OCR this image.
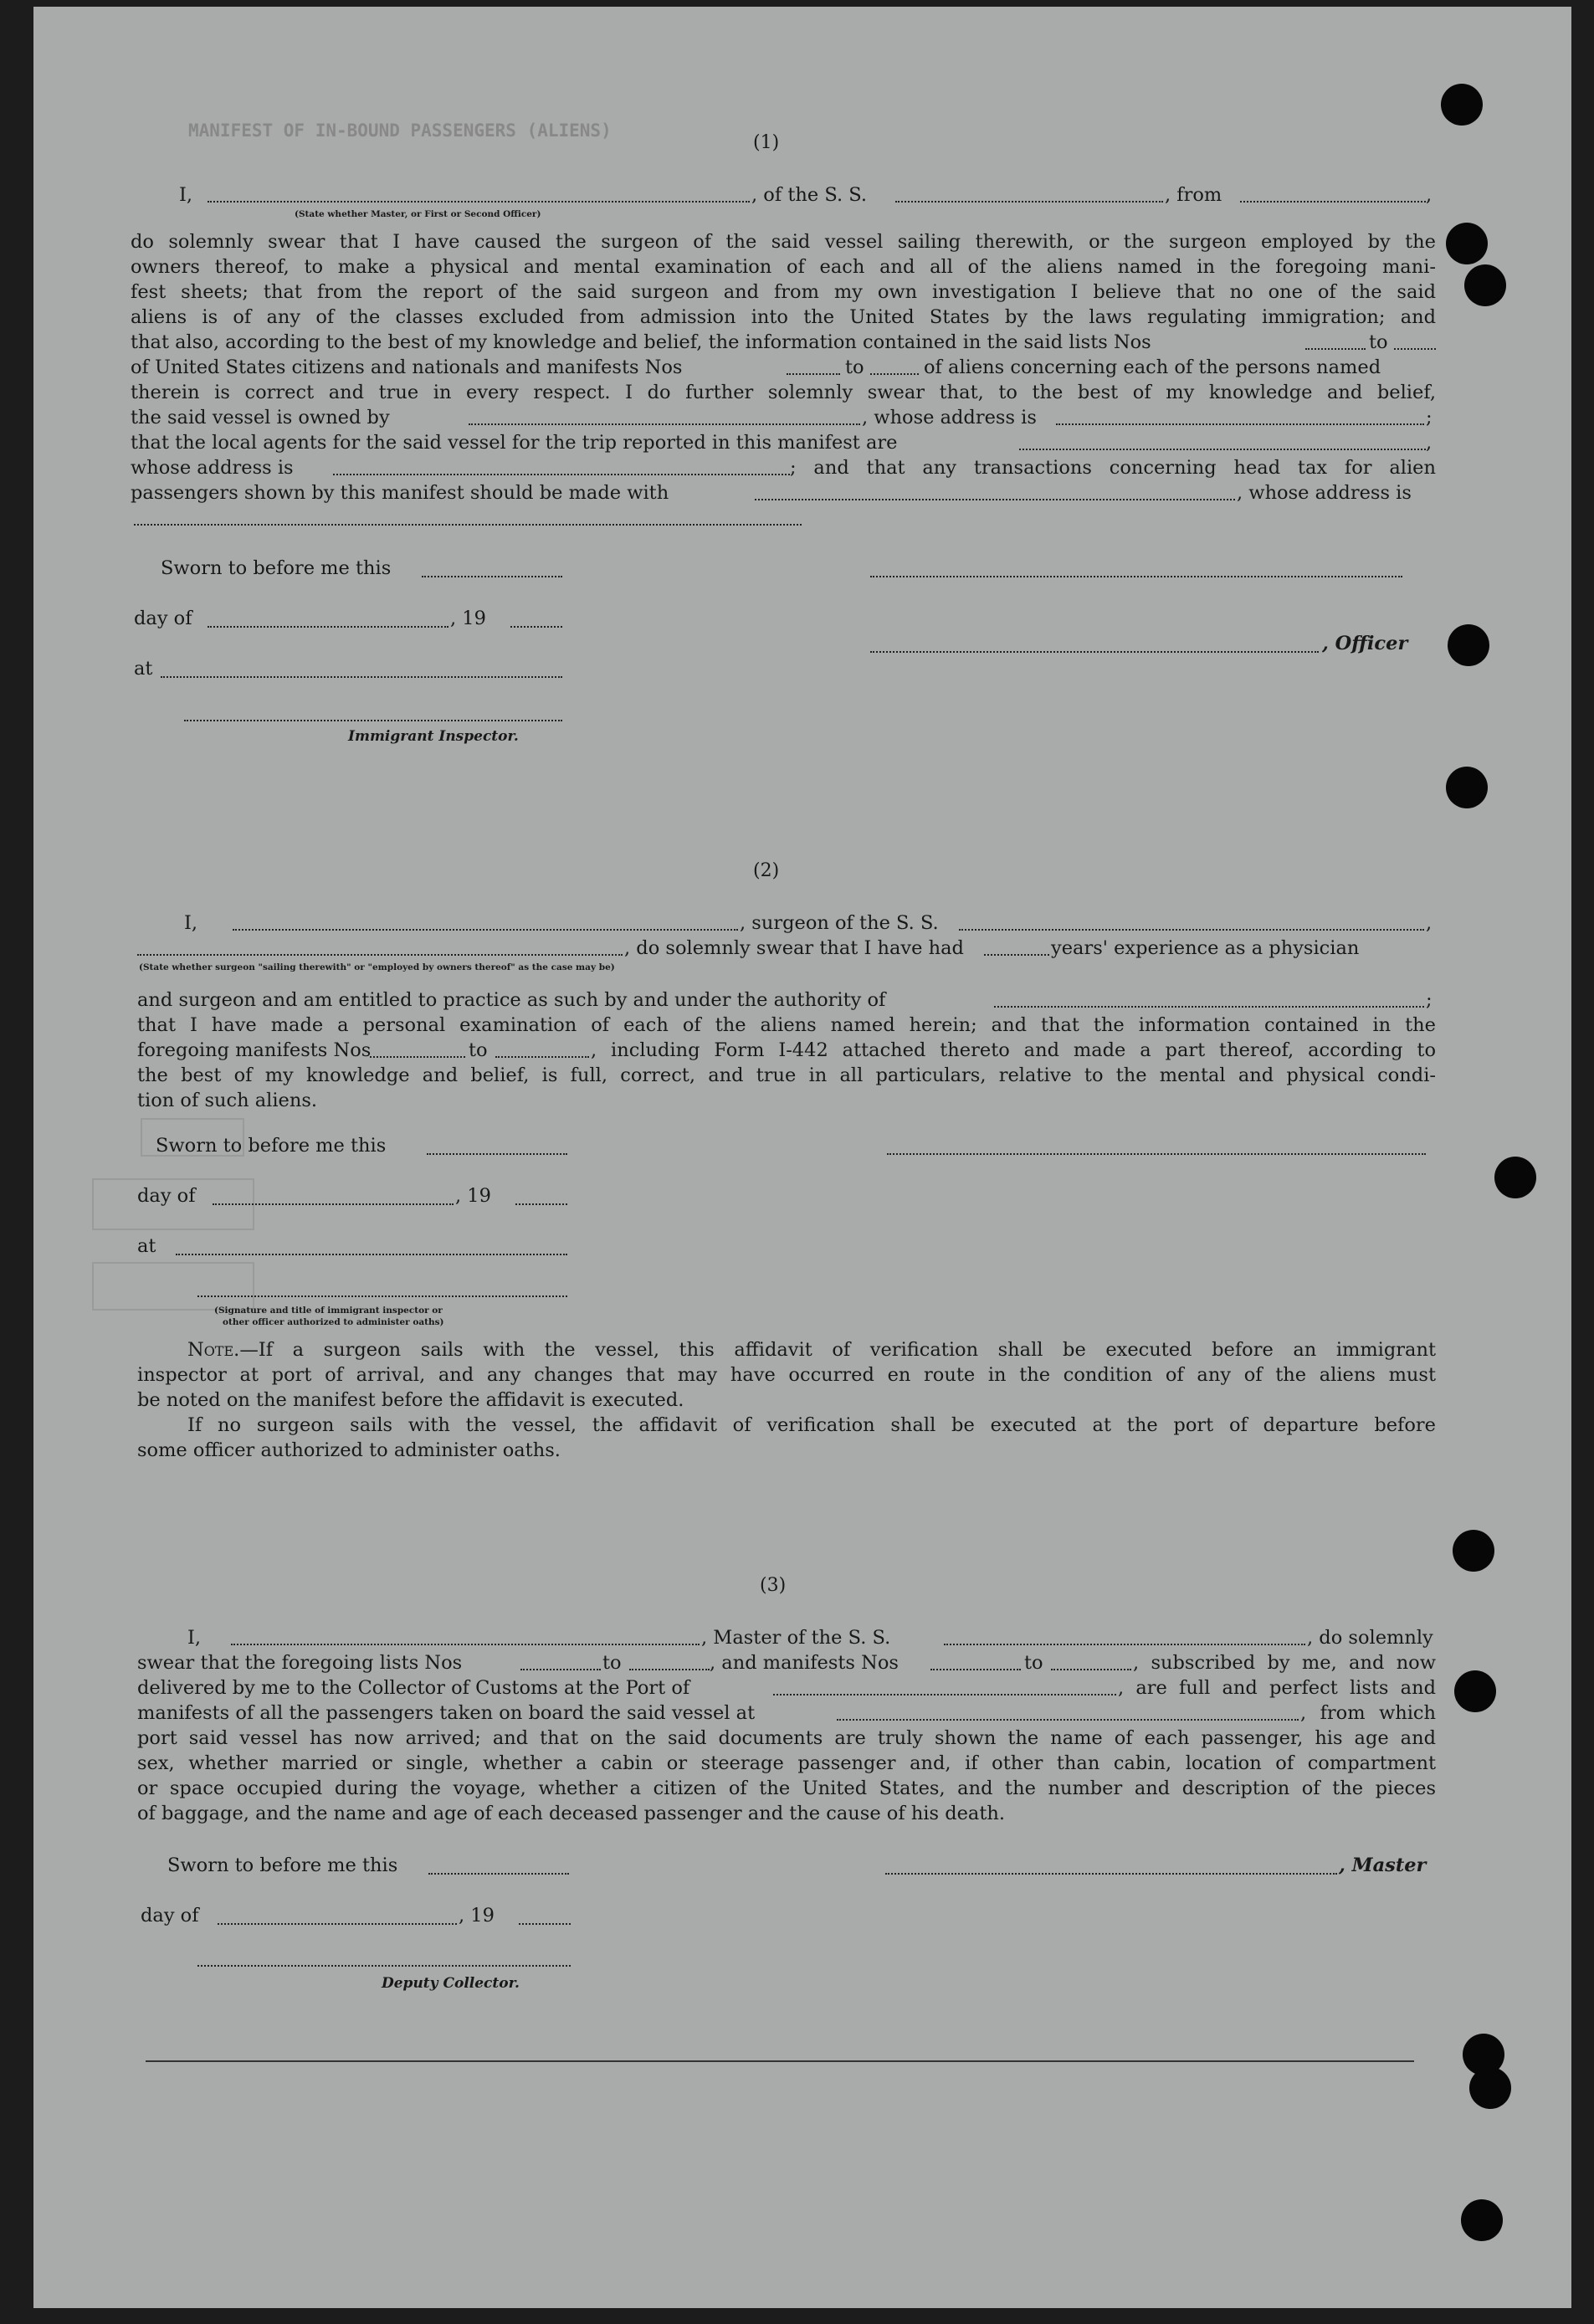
MANIFEST OF IN-BOUND PASSENGERS (ALIENS)
(1)
I,	, of the S. S.	, from	,
(State whether Master, or First or Second Officer)
do solemnly swear that I have caused the surgeon of the said vessel sailing therewith, or the surgeon employed by the
owners thereof, to make a physical and mental examination of each and all of the aliens named in the foregoing mani-
fest sheets; that from the report of the said surgeon and from my own investigation I believe that no one of the said
aliens is of any of the classes excluded from admission into the United States by the laws regulating immigration; and
that also, according to the best of my knowledge and belief, the information contained in the said lists Nos	to
of United States citizens and nationals and manifests Nos	to	of aliens concerning each of the persons named
therein is correct and true in every respect. I do further solemnly swear that, to the best of my knowledge and belief,
the said vessel is owned by	, whose address is	;
that the local agents for the said vessel for the trip reported in this manifest are	,
whose address is	; and that any transactions concerning head tax for alien
passengers shown by this manifest should be made with	, whose address is
Sworn to before me this
day of	, 19
, Officer
at
Immigrant Inspector.
(2)
I,	, surgeon of the S. S.	,
, do solemnly swear that I have had	years' experience as a physician
(State whether surgeon "sailing therewith" or "employed by owners thereof" as the case may be)
and surgeon and am entitled to practice as such by and under the authority of	;
that I have made a personal examination of each of the aliens named herein; and that the information contained in the
foregoing manifests Nos	to	, including Form I-442 attached thereto and made a part thereof, according to
the best of my knowledge and belief, is full, correct, and true in all particulars, relative to the mental and physical condi-
tion of such aliens.
Sworn to before me this
day of	, 19
at
(Signature and title of immigrant inspector or
other officer authorized to administer oaths)
Note.—If a surgeon sails with the vessel, this affidavit of verification shall be executed before an immigrant
inspector at port of arrival, and any changes that may have occurred en route in the condition of any of the aliens must
be noted on the manifest before the affidavit is executed.
If no surgeon sails with the vessel, the affidavit of verification shall be executed at the port of departure before
some officer authorized to administer oaths.
(3)
I,	, Master of the S. S.	, do solemnly
swear that the foregoing lists Nos	to	, and manifests Nos	to	, subscribed by me, and now
delivered by me to the Collector of Customs at the Port of	, are full and perfect lists and
manifests of all the passengers taken on board the said vessel at	, from which
port said vessel has now arrived; and that on the said documents are truly shown the name of each passenger, his age and
sex, whether married or single, whether a cabin or steerage passenger and, if other than cabin, location of compartment
or space occupied during the voyage, whether a citizen of the United States, and the number and description of the pieces
of baggage, and the name and age of each deceased passenger and the cause of his death.
Sworn to before me this	, Master
day of	, 19
Deputy Collector.
